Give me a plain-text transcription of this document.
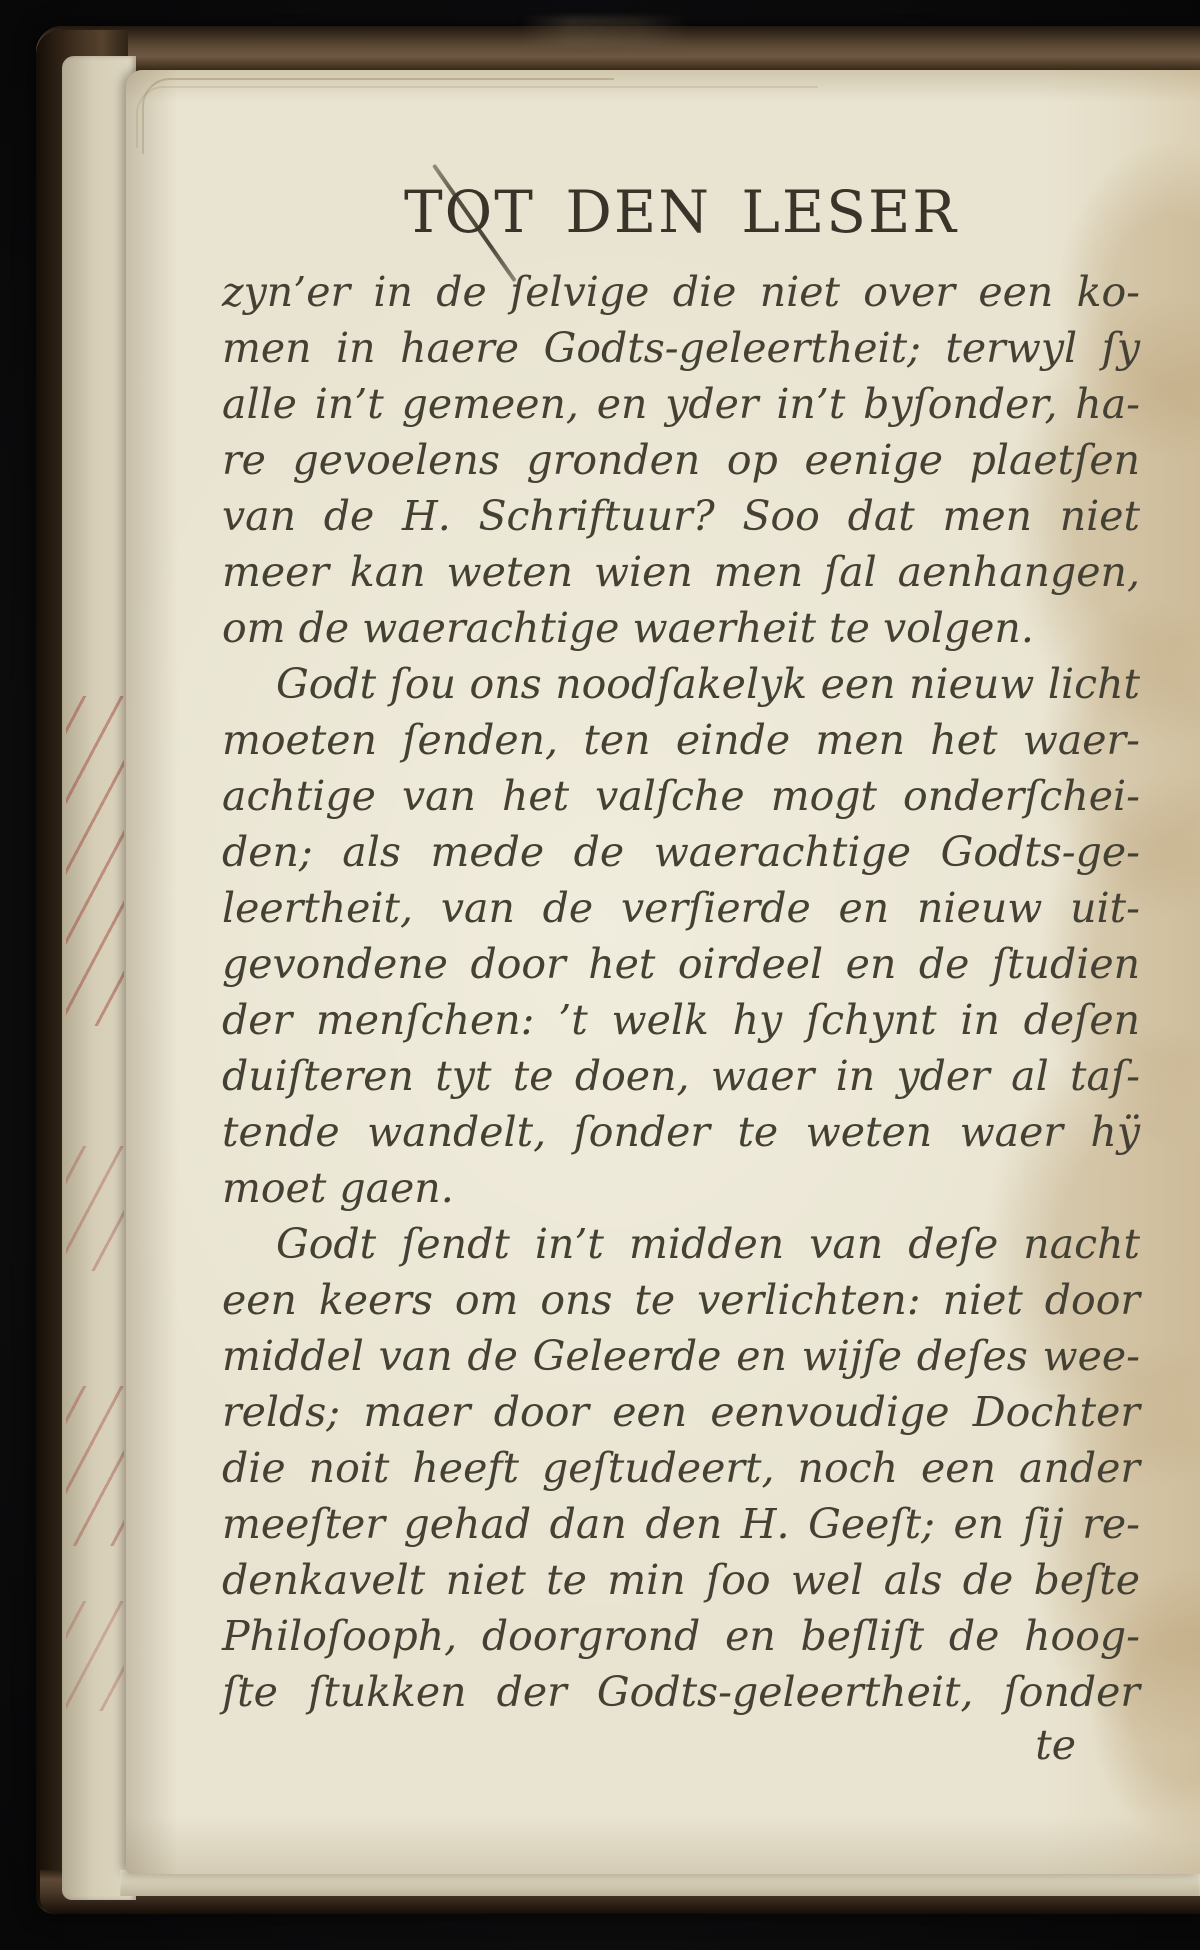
TOT DEN LESER
zyn’er in de ſelvige die niet over een ko-
men in haere Godts-geleertheit; terwyl ſy
alle in’t gemeen, en yder in’t byſonder, ha-
re gevoelens gronden op eenige plaetſen
van de H. Schriftuur? Soo dat men niet
meer kan weten wien men ſal aenhangen,
om de waerachtige waerheit te volgen.
Godt ſou ons noodſakelyk een nieuw licht
moeten ſenden, ten einde men het waer-
achtige van het valſche mogt onderſchei-
den; als mede de waerachtige Godts-ge-
leertheit, van de verſierde en nieuw uit-
gevondene door het oirdeel en de ſtudien
der menſchen: ’t welk hy ſchynt in deſen
duiſteren tyt te doen, waer in yder al taſ-
tende wandelt, ſonder te weten waer hÿ
moet gaen.
Godt ſendt in’t midden van deſe nacht
een keers om ons te verlichten: niet door
middel van de Geleerde en wijſe deſes wee-
relds; maer door een eenvoudige Dochter
die noit heeft geſtudeert, noch een ander
meeſter gehad dan den H. Geeſt; en ſij re-
denkavelt niet te min ſoo wel als de beſte
Philoſooph, doorgrond en beſliſt de hoog-
ſte ſtukken der Godts-geleertheit, ſonder
te
